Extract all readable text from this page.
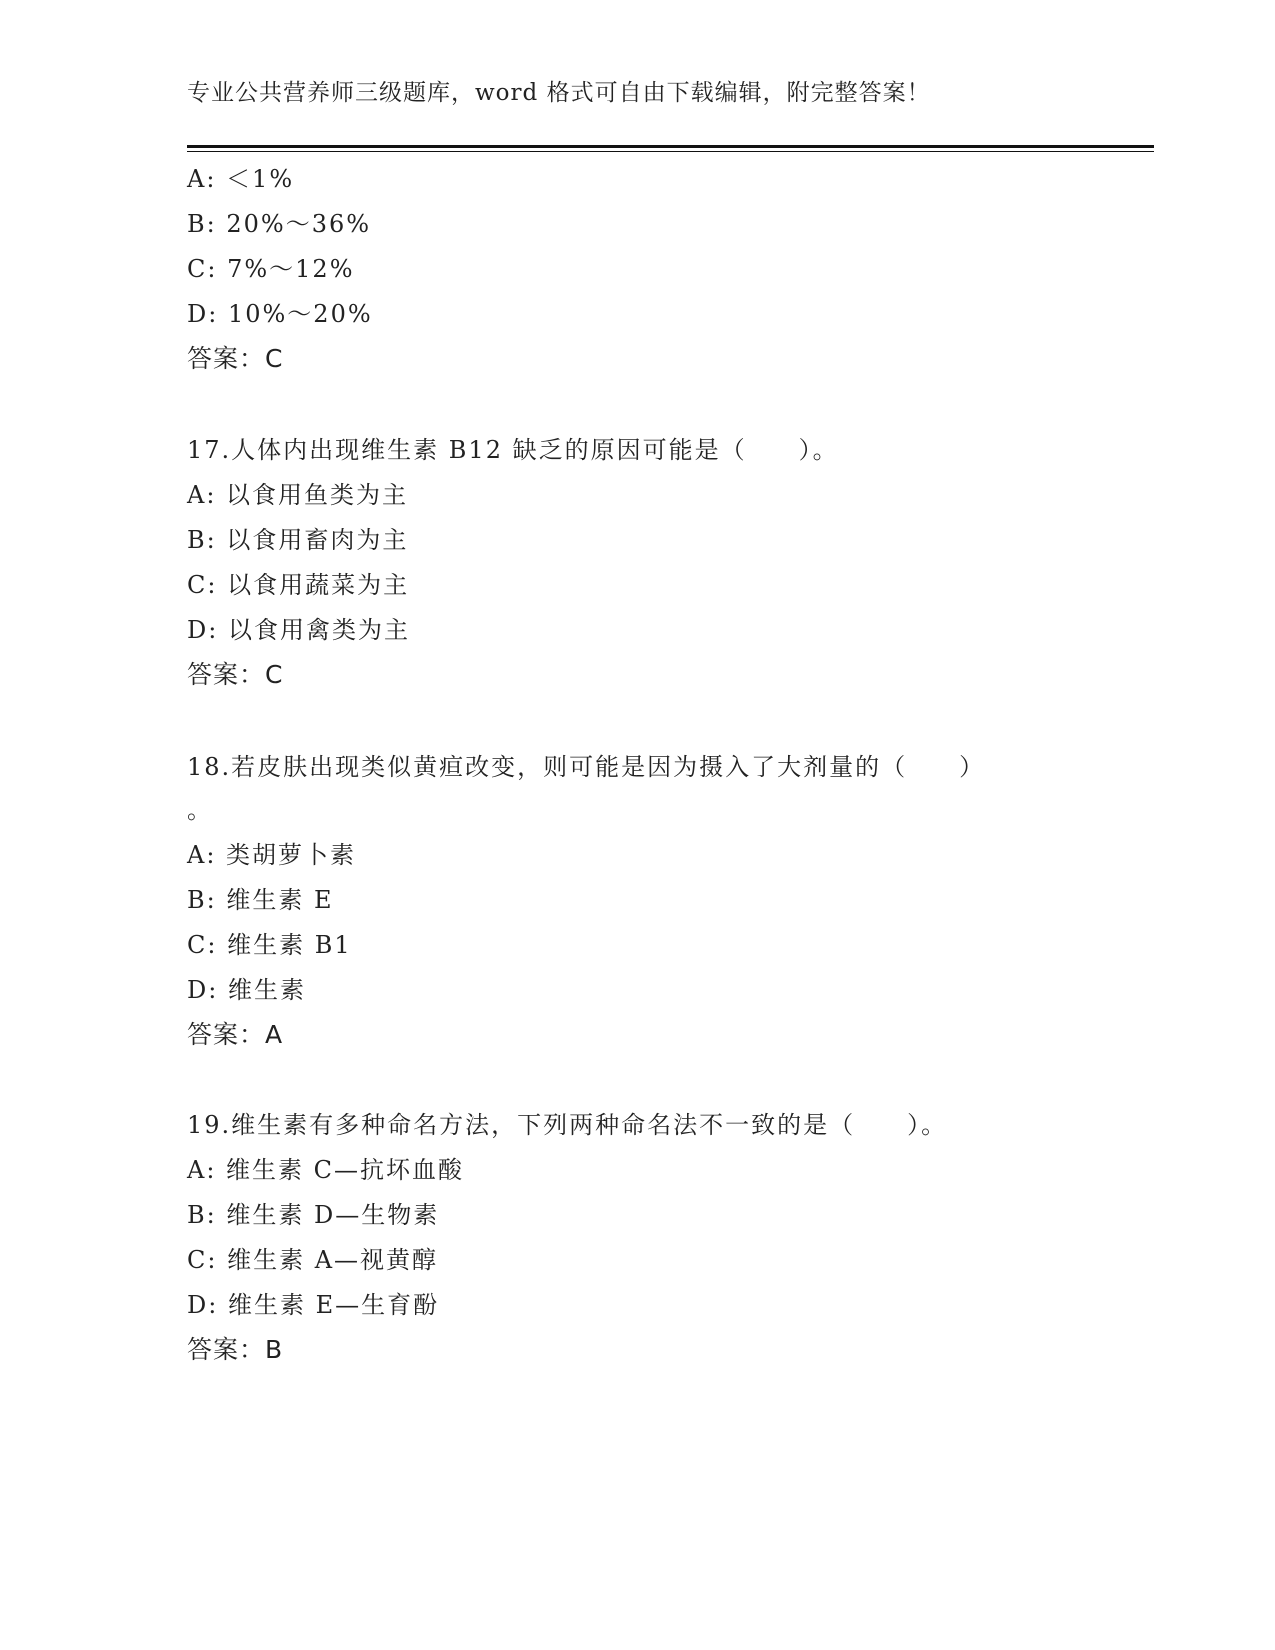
专业公共营养师三级题库，word 格式可自由下载编辑，附完整答案！
A: ＜1%
B: 20%～36%
C: 7%～12%
D: 10%～20%
答案：C
17.人体内出现维生素 B12 缺乏的原因可能是（　　）。
A: 以食用鱼类为主
B: 以食用畜肉为主
C: 以食用蔬菜为主
D: 以食用禽类为主
答案：C
18.若皮肤出现类似黄疸改变，则可能是因为摄入了大剂量的（　　）
。
A: 类胡萝卜素
B: 维生素 E
C: 维生素 B1
D: 维生素
答案：A
19.维生素有多种命名方法，下列两种命名法不一致的是（　　）。
A: 维生素 C—抗坏血酸
B: 维生素 D—生物素
C: 维生素 A—视黄醇
D: 维生素 E—生育酚
答案：B
